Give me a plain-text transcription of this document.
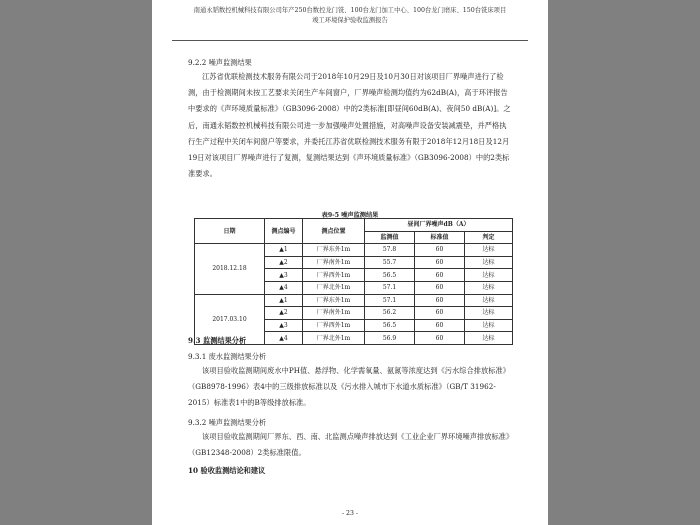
南通永韬数控机械科技有限公司年产250台数控龙门铣、100台龙门加工中心、100台龙门磨床、150台铣床项目
竣工环境保护验收监测报告
9.2.2 噪声监测结果
江苏省优联检测技术服务有限公司于2018年10月29日及10月30日对该项目厂界噪声进行了检测，由于检测期间未按工艺要求关闭生产车间窗户，厂界噪声检测均值约为62dB(A)，高于环评报告中要求的《声环境质量标准》（GB3096-2008）中的2类标准[即昼间60dB(A)、夜间50 dB(A)]。之后，南通永韬数控机械科技有限公司进一步加强噪声处置措施，对高噪声设备安装减震垫，并严格执行生产过程中关闭车间窗户等要求，并委托江苏省优联检测技术服务有限于2018年12月18日及12月19日对该项目厂界噪声进行了复测，复测结果达到《声环境质量标准》（GB3096-2008）中的2类标准要求。
表9-5 噪声监测结果
日期	测点编号	测点位置	昼间厂界噪声dB（A）		
			监测值	标准值	判定
2018.12.18	▲1	厂界东外1m	57.8	60	达标
	▲2	厂界南外1m	55.7	60	达标
	▲3	厂界西外1m	56.5	60	达标
	▲4	厂界北外1m	57.1	60	达标
2017.03.10	▲1	厂界东外1m	57.1	60	达标
	▲2	厂界南外1m	56.2	60	达标
	▲3	厂界西外1m	56.5	60	达标
	▲4	厂界北外1m	56.9	60	达标
9.3 监测结果分析
9.3.1 废水监测结果分析
该项目验收监测期间废水中PH值、悬浮物、化学需氧量、氨氮等浓度达到《污水综合排放标准》（GB8978-1996）表4中的三级排放标准以及《污水排入城市下水道水质标准》（GB/T 31962-2015）标准表1中的B等级排放标准。
9.3.2 噪声监测结果分析
该项目验收监测期间厂界东、西、南、北监测点噪声排放达到《工业企业厂界环境噪声排放标准》（GB12348-2008）2类标准限值。
10 验收监测结论和建议
- 23 -
